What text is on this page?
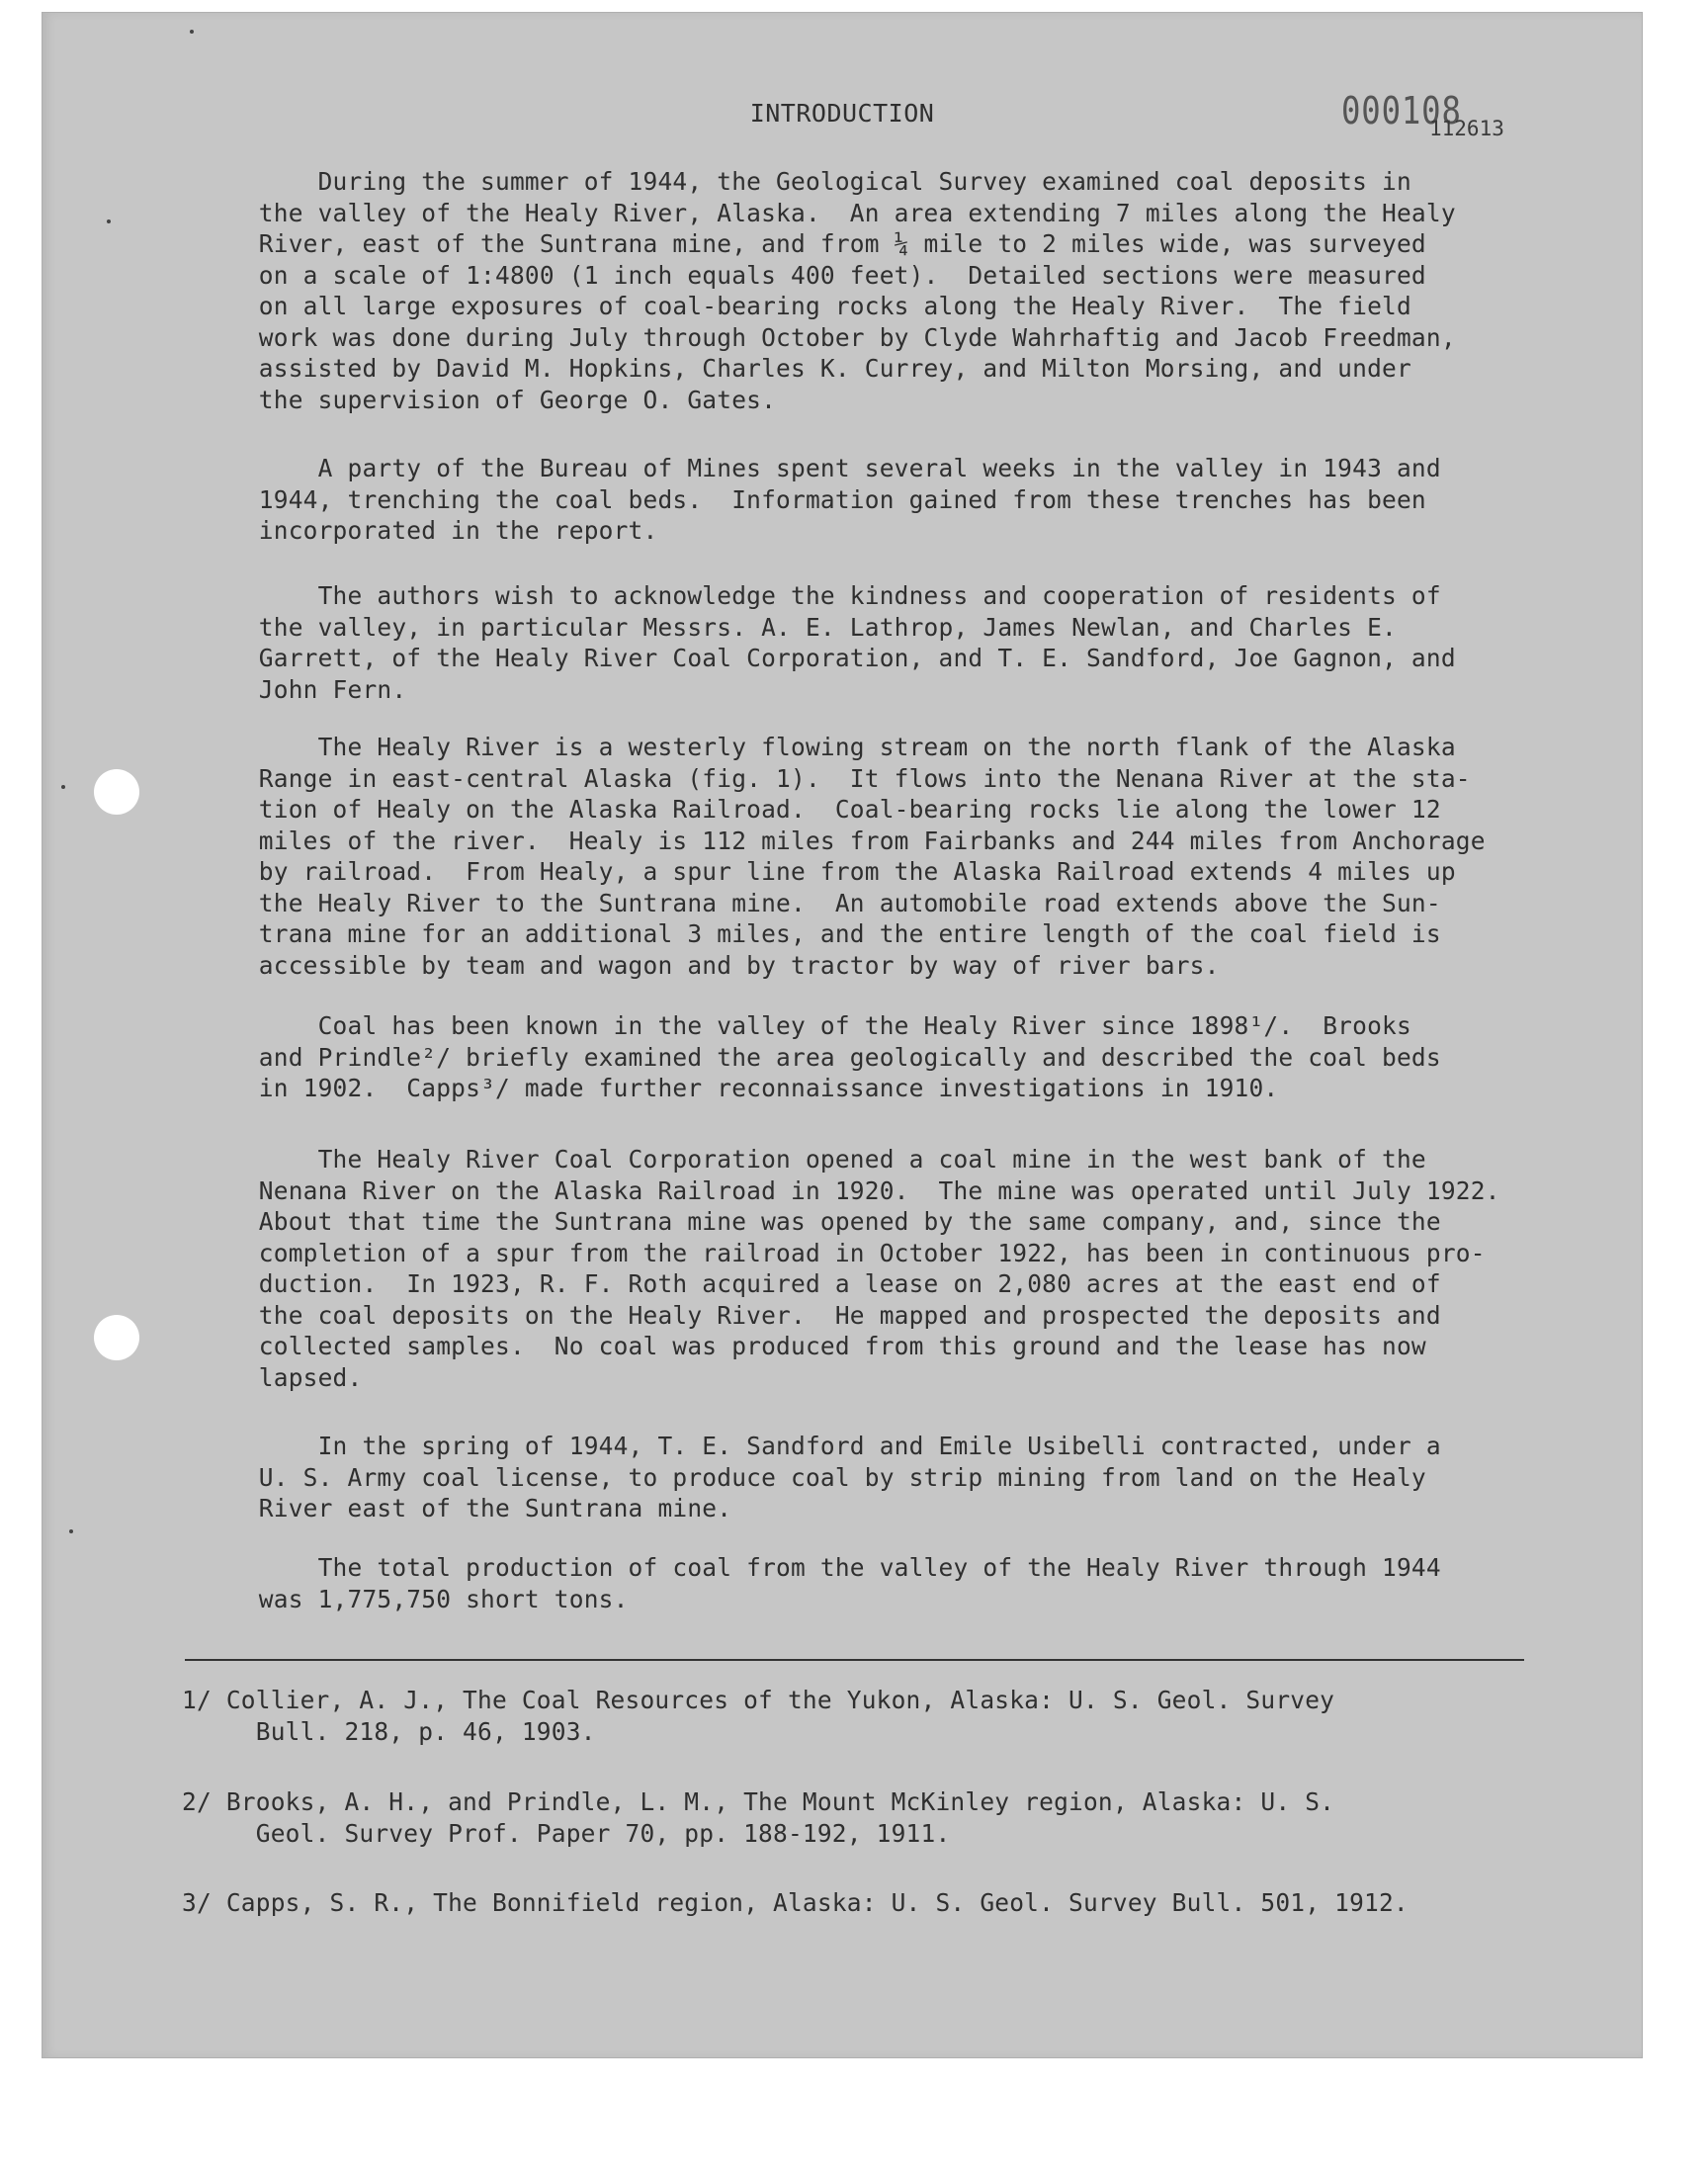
INTRODUCTION	000108
112613
During the summer of 1944, the Geological Survey examined coal deposits in
the valley of the Healy River, Alaska.  An area extending 7 miles along the Healy
River, east of the Suntrana mine, and from ¼ mile to 2 miles wide, was surveyed
on a scale of 1:4800 (1 inch equals 400 feet).  Detailed sections were measured
on all large exposures of coal-bearing rocks along the Healy River.  The field
work was done during July through October by Clyde Wahrhaftig and Jacob Freedman,
assisted by David M. Hopkins, Charles K. Currey, and Milton Morsing, and under
the supervision of George O. Gates.
A party of the Bureau of Mines spent several weeks in the valley in 1943 and
1944, trenching the coal beds.  Information gained from these trenches has been
incorporated in the report.
The authors wish to acknowledge the kindness and cooperation of residents of
the valley, in particular Messrs. A. E. Lathrop, James Newlan, and Charles E.
Garrett, of the Healy River Coal Corporation, and T. E. Sandford, Joe Gagnon, and
John Fern.
The Healy River is a westerly flowing stream on the north flank of the Alaska
Range in east-central Alaska (fig. 1).  It flows into the Nenana River at the sta-
tion of Healy on the Alaska Railroad.  Coal-bearing rocks lie along the lower 12
miles of the river.  Healy is 112 miles from Fairbanks and 244 miles from Anchorage
by railroad.  From Healy, a spur line from the Alaska Railroad extends 4 miles up
the Healy River to the Suntrana mine.  An automobile road extends above the Sun-
trana mine for an additional 3 miles, and the entire length of the coal field is
accessible by team and wagon and by tractor by way of river bars.
Coal has been known in the valley of the Healy River since 1898¹/.  Brooks
and Prindle²/ briefly examined the area geologically and described the coal beds
in 1902.  Capps³/ made further reconnaissance investigations in 1910.
The Healy River Coal Corporation opened a coal mine in the west bank of the
Nenana River on the Alaska Railroad in 1920.  The mine was operated until July 1922.
About that time the Suntrana mine was opened by the same company, and, since the
completion of a spur from the railroad in October 1922, has been in continuous pro-
duction.  In 1923, R. F. Roth acquired a lease on 2,080 acres at the east end of
the coal deposits on the Healy River.  He mapped and prospected the deposits and
collected samples.  No coal was produced from this ground and the lease has now
lapsed.
In the spring of 1944, T. E. Sandford and Emile Usibelli contracted, under a
U. S. Army coal license, to produce coal by strip mining from land on the Healy
River east of the Suntrana mine.
The total production of coal from the valley of the Healy River through 1944
was 1,775,750 short tons.
1/ Collier, A. J., The Coal Resources of the Yukon, Alaska: U. S. Geol. Survey
Bull. 218, p. 46, 1903.
2/ Brooks, A. H., and Prindle, L. M., The Mount McKinley region, Alaska: U. S.
Geol. Survey Prof. Paper 70, pp. 188-192, 1911.
3/ Capps, S. R., The Bonnifield region, Alaska: U. S. Geol. Survey Bull. 501, 1912.
